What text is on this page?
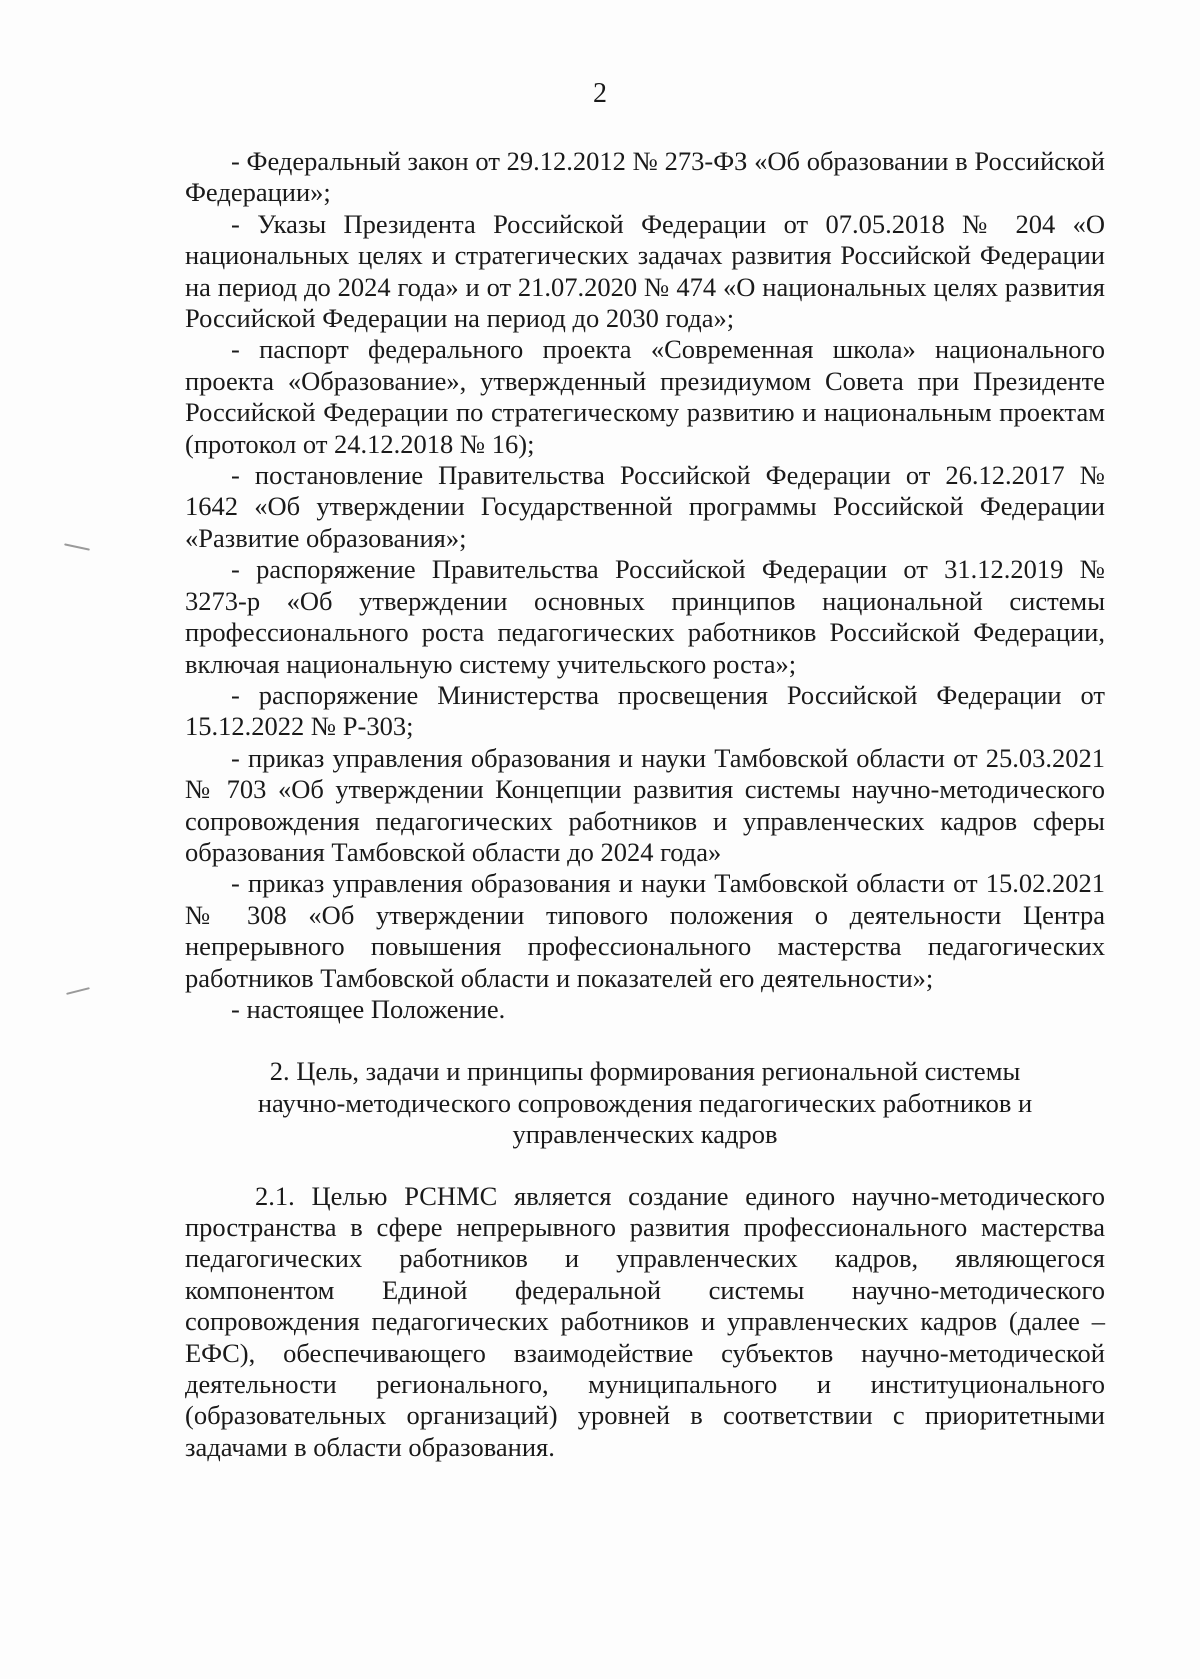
2

- Федеральный закон от 29.12.2012 № 273-ФЗ «Об образовании в Российской Федерации»;

- Указы Президента Российской Федерации от 07.05.2018 № 204 «О национальных целях и стратегических задачах развития Российской Федерации на период до 2024 года» и от 21.07.2020 № 474 «О национальных целях развития Российской Федерации на период до 2030 года»;

- паспорт федерального проекта «Современная школа» национального проекта «Образование», утвержденный президиумом Совета при Президенте Российской Федерации по стратегическому развитию и национальным проектам (протокол от 24.12.2018 № 16);

- постановление Правительства Российской Федерации от 26.12.2017 № 1642 «Об утверждении Государственной программы Российской Федерации «Развитие образования»;

- распоряжение Правительства Российской Федерации от 31.12.2019 № 3273-р «Об утверждении основных принципов национальной системы профессионального роста педагогических работников Российской Федерации, включая национальную систему учительского роста»;

- распоряжение Министерства просвещения Российской Федерации от 15.12.2022 № Р-303;

- приказ управления образования и науки Тамбовской области от 25.03.2021 № 703 «Об утверждении Концепции развития системы научно-методического сопровождения педагогических работников и управленческих кадров сферы образования Тамбовской области до 2024 года»

- приказ управления образования и науки Тамбовской области от 15.02.2021 № 308 «Об утверждении типового положения о деятельности Центра непрерывного повышения профессионального мастерства педагогических работников Тамбовской области и показателей его деятельности»;

- настоящее Положение.

2. Цель, задачи и принципы формирования региональной системы
научно-методического сопровождения педагогических работников и
управленческих кадров

2.1. Целью РСНМС является создание единого научно-методического пространства в сфере непрерывного развития профессионального мастерства педагогических работников и управленческих кадров, являющегося компонентом Единой федеральной системы научно-методического сопровождения педагогических работников и управленческих кадров (далее – ЕФС), обеспечивающего взаимодействие субъектов научно-методической деятельности регионального, муниципального и институционального (образовательных организаций) уровней в соответствии с приоритетными задачами в области образования.
